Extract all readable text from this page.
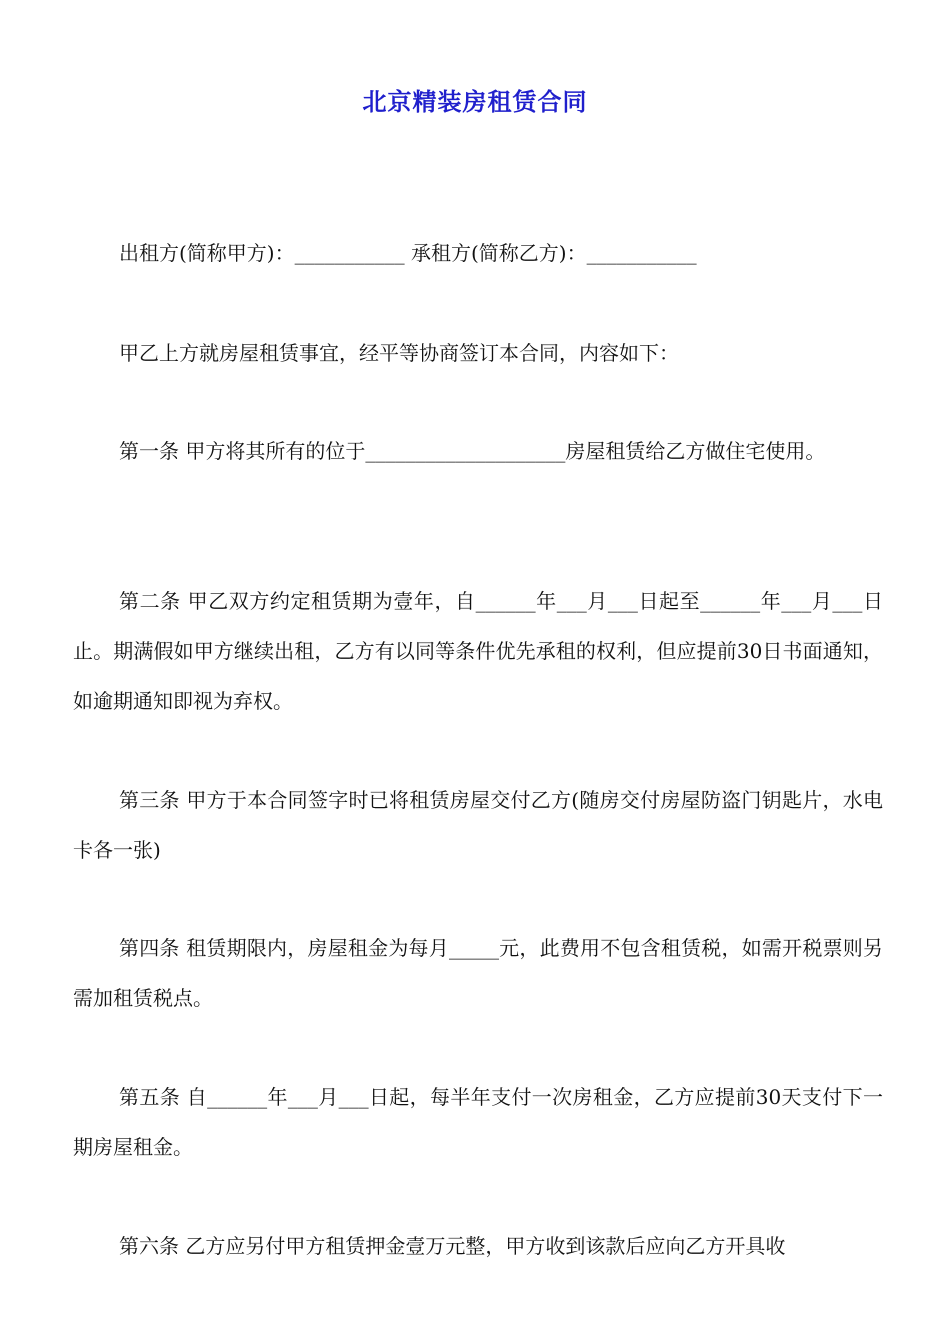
北京精装房租赁合同
出租方(简称甲方)：___________ 承租方(简称乙方)：___________
甲乙上方就房屋租赁事宜，经平等协商签订本合同，内容如下：
第一条 甲方将其所有的位于____________________房屋租赁给乙方做住宅使用。
第二条 甲乙双方约定租赁期为壹年，自______年___月___日起至______年___月___日止。期满假如甲方继续出租，乙方有以同等条件优先承租的权利，但应提前30日书面通知，如逾期通知即视为弃权。
第三条 甲方于本合同签字时已将租赁房屋交付乙方(随房交付房屋防盗门钥匙片，水电卡各一张)
第四条 租赁期限内，房屋租金为每月_____元，此费用不包含租赁税，如需开税票则另需加租赁税点。
第五条 自______年___月___日起，每半年支付一次房租金，乙方应提前30天支付下一期房屋租金。
第六条 乙方应另付甲方租赁押金壹万元整，甲方收到该款后应向乙方开具收
